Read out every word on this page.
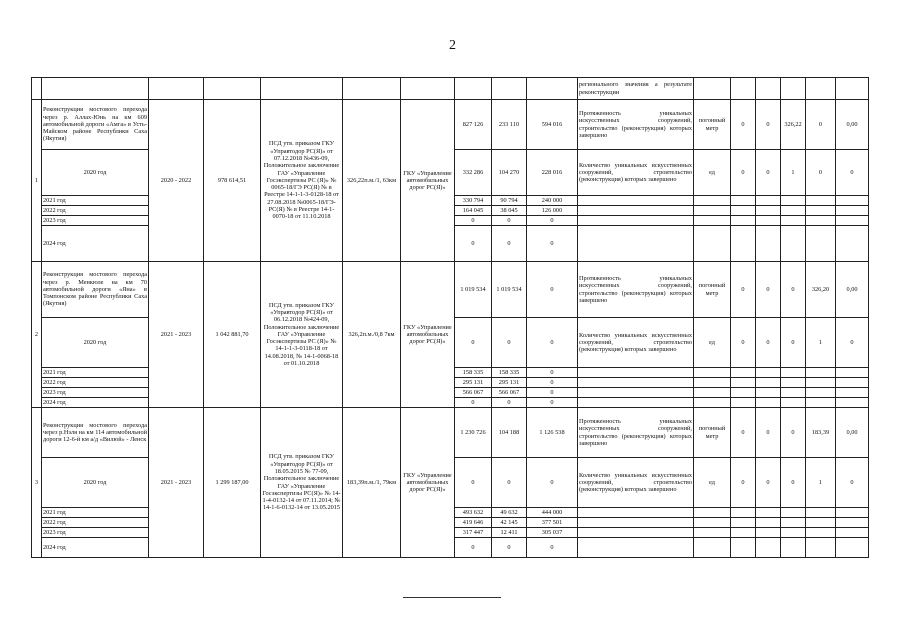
2
										регионального значения а результате реконструкции						
1	Реконструкция мостового перехода через р. Аллах-Юнь на км 609 автомобильной дороги «Амга» в Усть-Майском районе Республики Саха (Якутия)	2020 - 2022	978 614,51	ПСД утв. приказом ГКУ «Управтодор РС(Я)» от 07.12.2018 №436-09, Положительное заключение ГАУ «Управление Госэкспертизы РС (Я)» № 0065-18/ГЭ РС(Я) № в Реестре 14-1-1-3-0128-18 от 27.08.2018 №0065-18/ГЭ-РС(Я) № в Реестре 14-1-0070-18 от 11.10.2018	326,22п.м./1, 63км	ГКУ «Управление автомобильных дорог РС(Я)»	827 126	233 110	594 016	Протяженность уникальных искусственных сооружений, строительство (реконструкция) которых завершено	погонный метр	0	0	326,22	0	0,00
	2020 год						332 286	104 270	228 016	Количество уникальных искусственных сооружений, строительство (реконструкция) которых завершено	ед	0	0	1	0	0
	2021 год						330 794	90 794	240 000							
	2022 год						164 045	38 045	126 000							
	2023 год						0	0	0							
	2024 год						0	0	0							
2	Реконструкция мостового перехода через р. Менкюле на км 70 автомобильной дороги «Яна» в Томпонском районе Республики Саха (Якутия)	2021 - 2023	1 042 881,70	ПСД утв. приказом ГКУ «Управтодор РС(Я)» от 06.12.2018 №424-09, Положительное заключение ГАУ «Управление Госэкспертизы РС (Я)» № 14-1-1-3-0118-18 от 14.08.2018, № 14-1-0068-18 от 01.10.2018	326,2п.м./0,8 7км	ГКУ «Управление автомобильных дорог РС(Я)»	1 019 534	1 019 534	0	Протяженность уникальных искусственных сооружений, строительство (реконструкция) которых завершено	погонный метр	0	0	0	326,20	0,00
	2020 год						0	0	0	Количество уникальных искусственных сооружений, строительство (реконструкция) которых завершено	ед	0	0	0	1	0
	2021 год						158 335	158 335	0							
	2022 год						295 131	295 131	0							
	2023 год						566 067	566 067	0							
	2024 год						0	0	0							
3	Реконструкция мостового перехода через р.Нэля на км 114 автомобильной дороги 12-6-й км а/д «Вилюй» - Ленск	2021 - 2023	1 299 187,00	ПСД утв. приказом ГКУ «Управтодор РС(Я)» от 18.05.2015 № 77-09, Положительное заключение ГАУ «Управление Госэкспертизы РС(Я)» № 14-1-4-0132-14 от 07.11.2014; № 14-1-6-0132-14 от 13.05.2015	183,39п.м./1, 79км	ГКУ «Управление автомобильных дорог РС(Я)»	1 230 726	104 188	1 126 538	Протяженность уникальных искусственных сооружений, строительство (реконструкция) которых завершено	погонный метр	0	0	0	183,39	0,00
	2020 год						0	0	0	Количество уникальных искусственных сооружений, строительство (реконструкция) которых завершено	ед	0	0	0	1	0
	2021 год						493 632	49 632	444 000							
	2022 год						419 646	42 145	377 501							
	2023 год						317 447	12 411	305 037							
	2024 год						0	0	0							
